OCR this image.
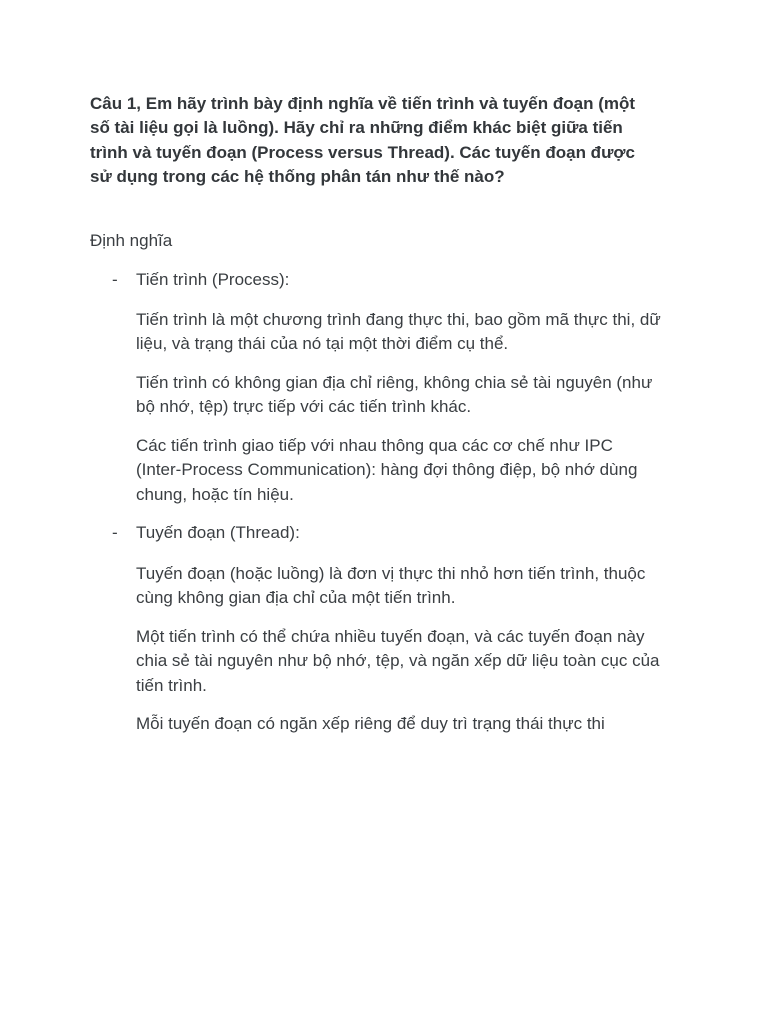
Câu 1, Em hãy trình bày định nghĩa về tiến trình và tuyến đoạn (một
số tài liệu gọi là luồng). Hãy chỉ ra những điểm khác biệt giữa tiến
trình và tuyến đoạn (Process versus Thread). Các tuyến đoạn được
sử dụng trong các hệ thống phân tán như thế nào?

Định nghĩa

- Tiến trình (Process):

Tiến trình là một chương trình đang thực thi, bao gồm mã thực thi, dữ
liệu, và trạng thái của nó tại một thời điểm cụ thể.

Tiến trình có không gian địa chỉ riêng, không chia sẻ tài nguyên (như
bộ nhớ, tệp) trực tiếp với các tiến trình khác.

Các tiến trình giao tiếp với nhau thông qua các cơ chế như IPC
(Inter-Process Communication): hàng đợi thông điệp, bộ nhớ dùng
chung, hoặc tín hiệu.

- Tuyến đoạn (Thread):

Tuyến đoạn (hoặc luồng) là đơn vị thực thi nhỏ hơn tiến trình, thuộc
cùng không gian địa chỉ của một tiến trình.

Một tiến trình có thể chứa nhiều tuyến đoạn, và các tuyến đoạn này
chia sẻ tài nguyên như bộ nhớ, tệp, và ngăn xếp dữ liệu toàn cục của
tiến trình.

Mỗi tuyến đoạn có ngăn xếp riêng để duy trì trạng thái thực thi
